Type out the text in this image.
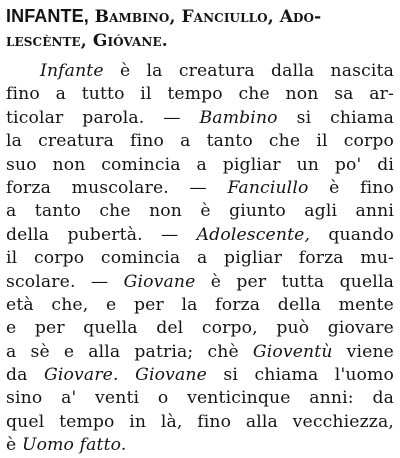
INFANTE, Bambino, Fanciullo, Ado-
lescènte, Gióvane.
Infante è la creatura dalla nascita
fino a tutto il tempo che non sa ar-
ticolar parola. — Bambino si chiama
la creatura fino a tanto che il corpo
suo non comincia a pigliar un po' di
forza muscolare. — Fanciullo è fino
a tanto che non è giunto agli anni
della pubertà. — Adolescente, quando
il corpo comincia a pigliar forza mu-
scolare. — Giovane è per tutta quella
età che, e per la forza della mente
e per quella del corpo, può giovare
a sè e alla patria; chè Gioventù viene
da Giovare. Giovane si chiama l'uomo
sino a' venti o venticinque anni: da
quel tempo in là, fino alla vecchiezza,
è Uomo fatto.
